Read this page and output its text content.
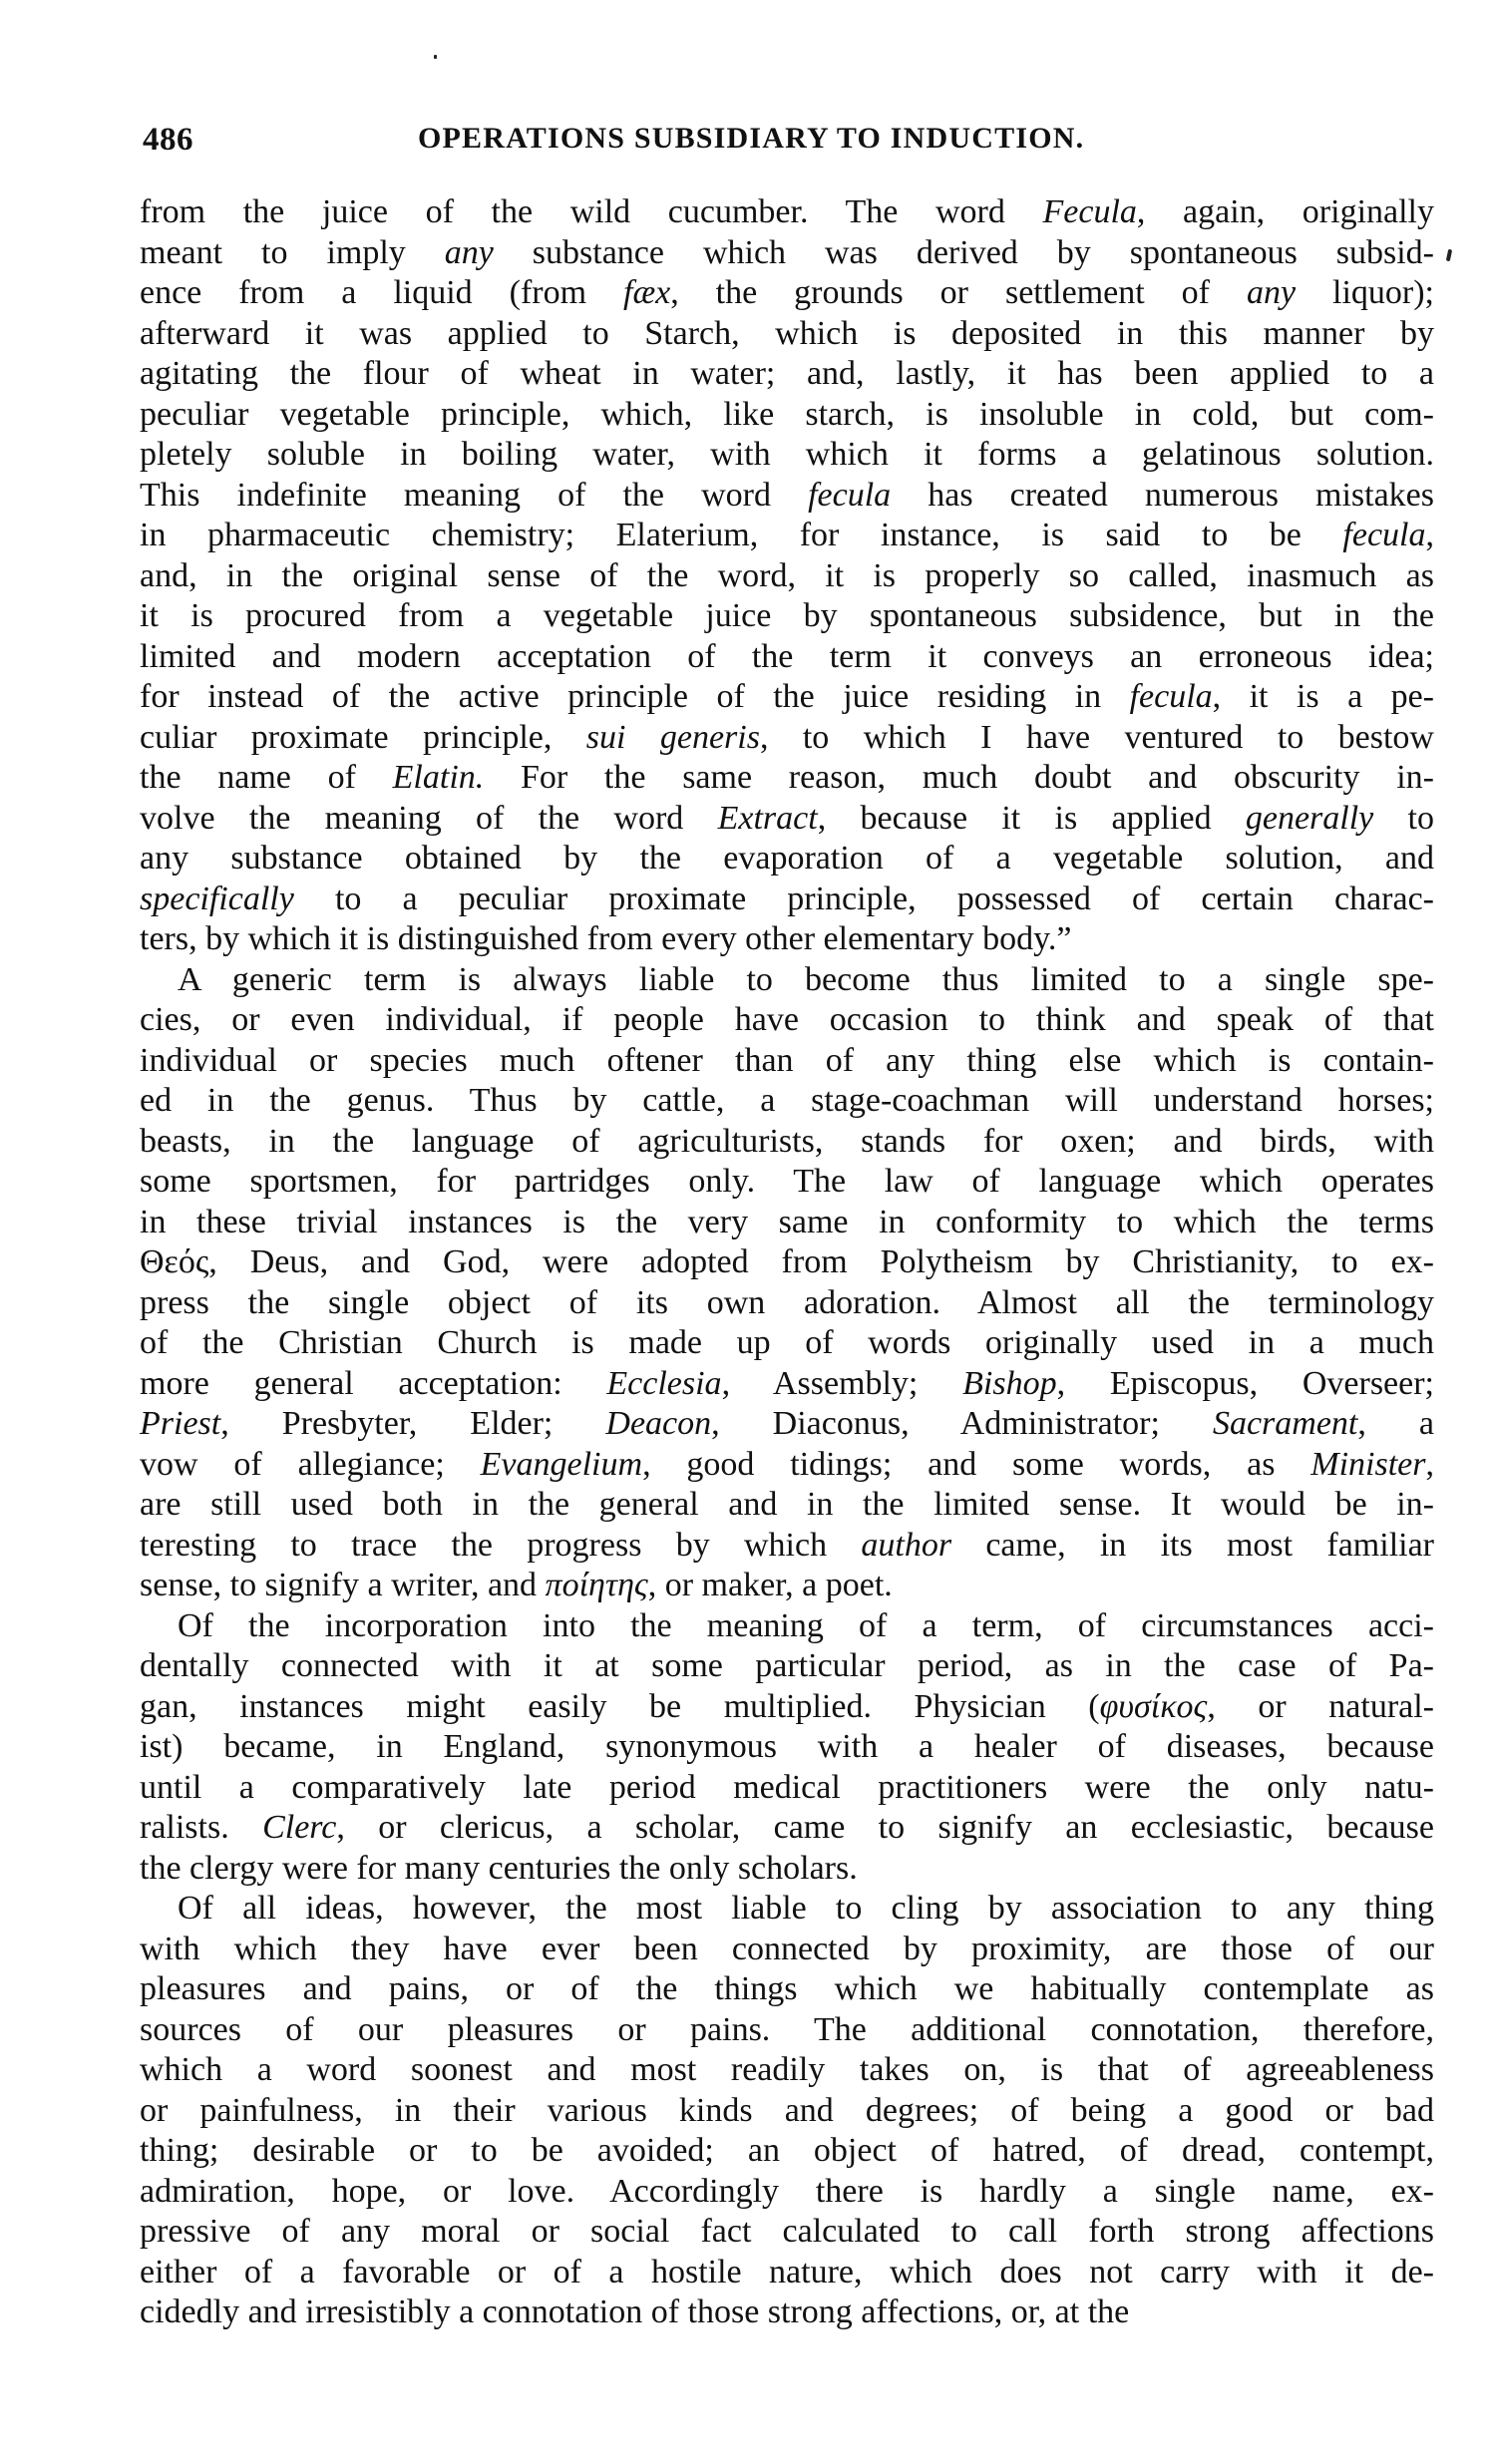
486	OPERATIONS SUBSIDIARY TO INDUCTION.
from the juice of the wild cucumber. The word Fecula, again, originally
meant to imply any substance which was derived by spontaneous subsid-
ence from a liquid (from fæx, the grounds or settlement of any liquor);
afterward it was applied to Starch, which is deposited in this manner by
agitating the flour of wheat in water; and, lastly, it has been applied to a
peculiar vegetable principle, which, like starch, is insoluble in cold, but com-
pletely soluble in boiling water, with which it forms a gelatinous solution.
This indefinite meaning of the word fecula has created numerous mistakes
in pharmaceutic chemistry; Elaterium, for instance, is said to be fecula,
and, in the original sense of the word, it is properly so called, inasmuch as
it is procured from a vegetable juice by spontaneous subsidence, but in the
limited and modern acceptation of the term it conveys an erroneous idea;
for instead of the active principle of the juice residing in fecula, it is a pe-
culiar proximate principle, sui generis, to which I have ventured to bestow
the name of Elatin. For the same reason, much doubt and obscurity in-
volve the meaning of the word Extract, because it is applied generally to
any substance obtained by the evaporation of a vegetable solution, and
specifically to a peculiar proximate principle, possessed of certain charac-
ters, by which it is distinguished from every other elementary body.”
A generic term is always liable to become thus limited to a single spe-
cies, or even individual, if people have occasion to think and speak of that
individual or species much oftener than of any thing else which is contain-
ed in the genus. Thus by cattle, a stage-coachman will understand horses;
beasts, in the language of agriculturists, stands for oxen; and birds, with
some sportsmen, for partridges only. The law of language which operates
in these trivial instances is the very same in conformity to which the terms
Θεός, Deus, and God, were adopted from Polytheism by Christianity, to ex-
press the single object of its own adoration. Almost all the terminology
of the Christian Church is made up of words originally used in a much
more general acceptation: Ecclesia, Assembly; Bishop, Episcopus, Overseer;
Priest, Presbyter, Elder; Deacon, Diaconus, Administrator; Sacrament, a
vow of allegiance; Evangelium, good tidings; and some words, as Minister,
are still used both in the general and in the limited sense. It would be in-
teresting to trace the progress by which author came, in its most familiar
sense, to signify a writer, and ποίητης, or maker, a poet.
Of the incorporation into the meaning of a term, of circumstances acci-
dentally connected with it at some particular period, as in the case of Pa-
gan, instances might easily be multiplied. Physician (φυσίκος, or natural-
ist) became, in England, synonymous with a healer of diseases, because
until a comparatively late period medical practitioners were the only natu-
ralists. Clerc, or clericus, a scholar, came to signify an ecclesiastic, because
the clergy were for many centuries the only scholars.
Of all ideas, however, the most liable to cling by association to any thing
with which they have ever been connected by proximity, are those of our
pleasures and pains, or of the things which we habitually contemplate as
sources of our pleasures or pains. The additional connotation, therefore,
which a word soonest and most readily takes on, is that of agreeableness
or painfulness, in their various kinds and degrees; of being a good or bad
thing; desirable or to be avoided; an object of hatred, of dread, contempt,
admiration, hope, or love. Accordingly there is hardly a single name, ex-
pressive of any moral or social fact calculated to call forth strong affections
either of a favorable or of a hostile nature, which does not carry with it de-
cidedly and irresistibly a connotation of those strong affections, or, at the
